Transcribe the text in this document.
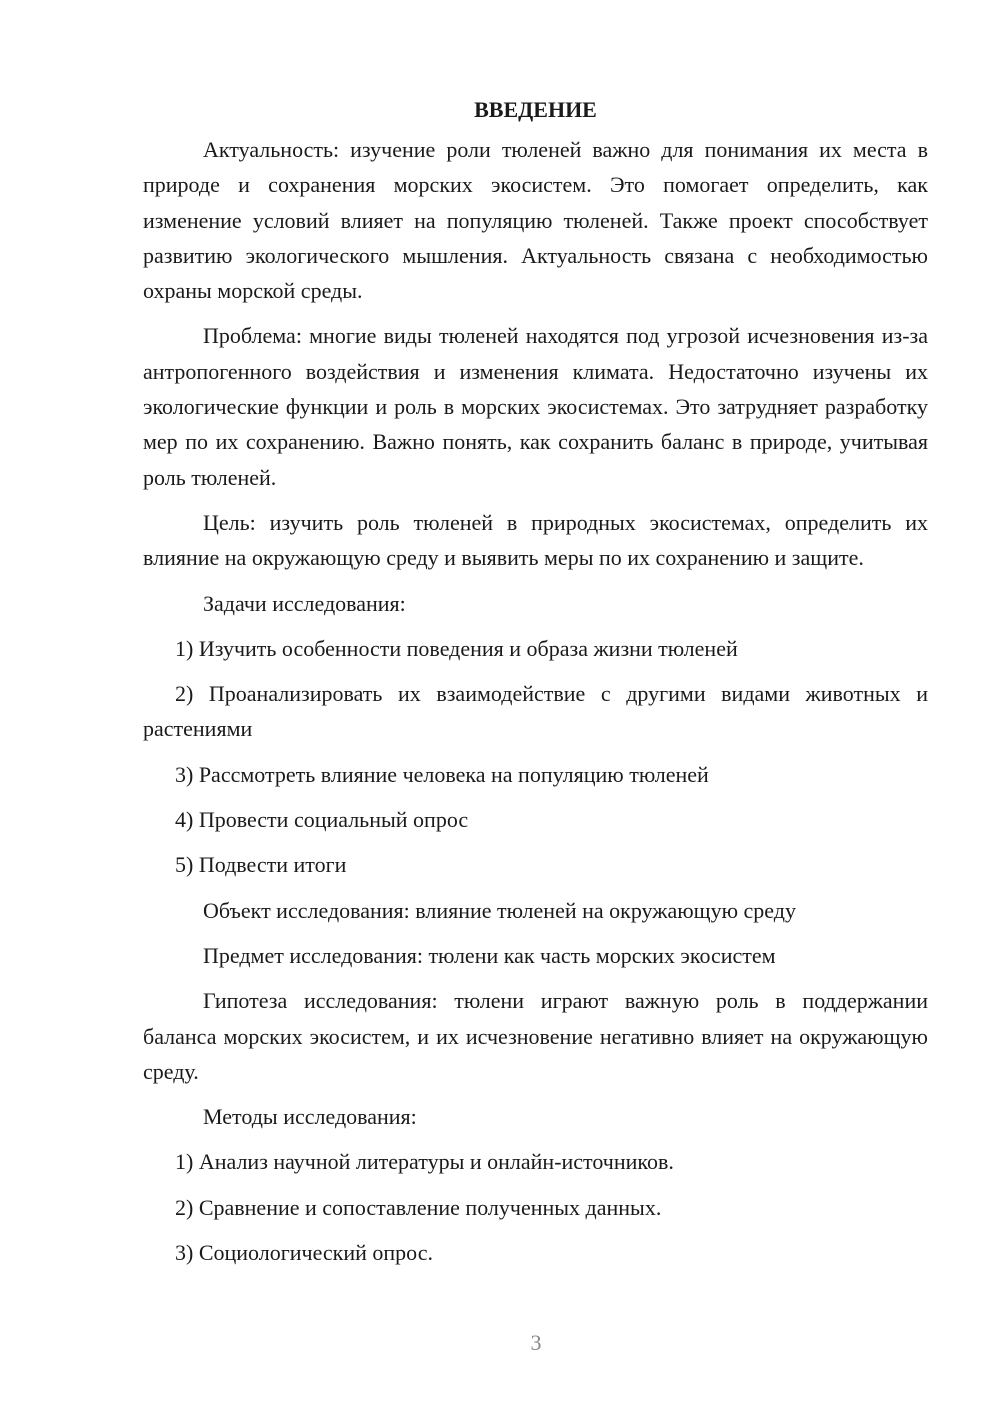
ВВЕДЕНИЕ

Актуальность: изучение роли тюленей важно для понимания их места в природе и сохранения морских экосистем. Это помогает определить, как изменение условий влияет на популяцию тюленей. Также проект способствует развитию экологического мышления. Актуальность связана с необходимостью охраны морской среды.

Проблема: многие виды тюленей находятся под угрозой исчезновения из-за антропогенного воздействия и изменения климата. Недостаточно изучены их экологические функции и роль в морских экосистемах. Это затрудняет разработку мер по их сохранению. Важно понять, как сохранить баланс в природе, учитывая роль тюленей.

Цель: изучить роль тюленей в природных экосистемах, определить их влияние на окружающую среду и выявить меры по их сохранению и защите.

Задачи исследования:

1) Изучить особенности поведения и образа жизни тюленей

2) Проанализировать их взаимодействие с другими видами животных и растениями

3) Рассмотреть влияние человека на популяцию тюленей

4) Провести социальный опрос

5) Подвести итоги

Объект исследования: влияние тюленей на окружающую среду

Предмет исследования: тюлени как часть морских экосистем

Гипотеза исследования: тюлени играют важную роль в поддержании баланса морских экосистем, и их исчезновение негативно влияет на окружающую среду.

Методы исследования:

1) Анализ научной литературы и онлайн-источников.

2) Сравнение и сопоставление полученных данных.

3) Социологический опрос.

3
